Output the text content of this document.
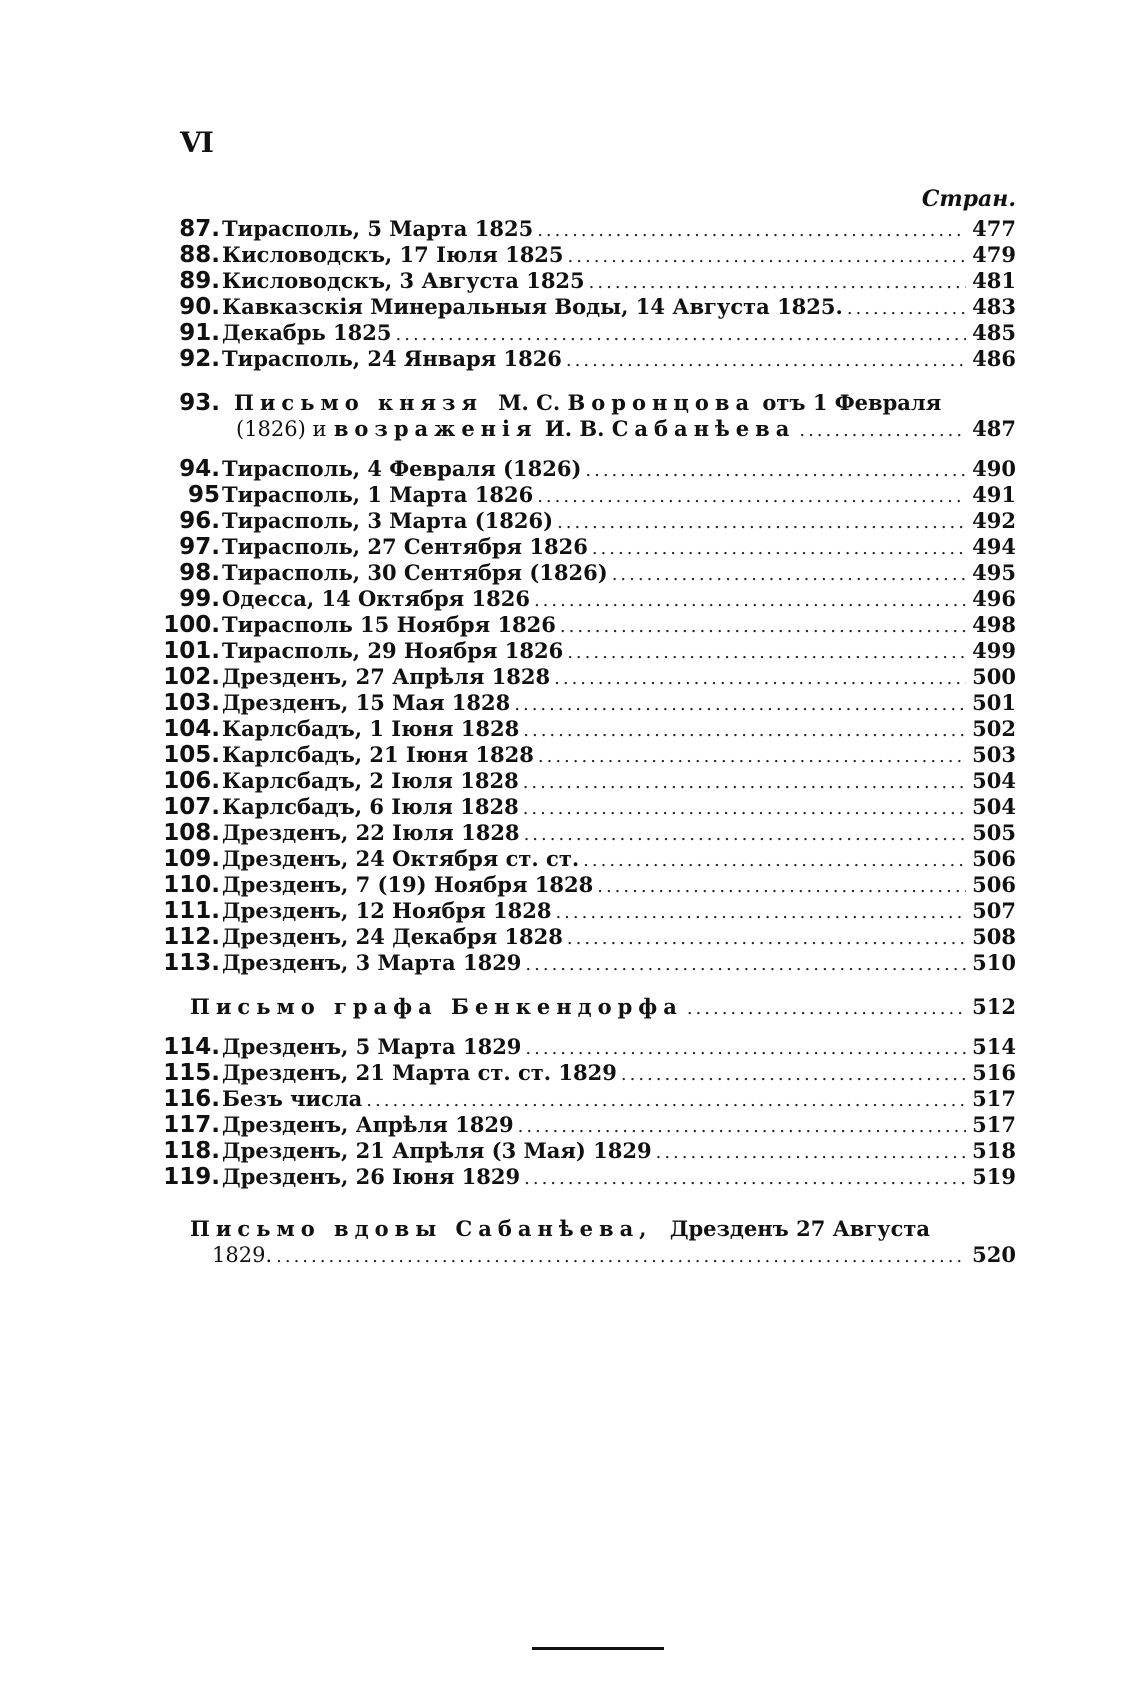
VI
Стран.
87. Тирасполь, 5 Марта 1825 .....	477
88. Кисловодскъ, 17 Іюля 1825 .....	479
89. Кисловодскъ, 3 Августа 1825 .....	481
90. Кавказскія Минеральныя Воды, 14 Августа 1825. .....	483
91. Декабрь 1825 .....	485
92. Тирасполь, 24 Января 1826 .....	486
93. Письмо князя М. С. Воронцова отъ 1 Февраля
(1826) и возраженія И. В. Сабанѣева .....	487
94. Тирасполь, 4 Февраля (1826) .....	490
95 Тирасполь, 1 Марта 1826 .....	491
96. Тирасполь, 3 Марта (1826) .....	492
97. Тирасполь, 27 Сентября 1826 .....	494
98. Тирасполь, 30 Сентября (1826) .....	495
99. Одесса, 14 Октября 1826 .....	496
100. Тирасполь 15 Ноября 1826 .....	498
101. Тирасполь, 29 Ноября 1826 .....	499
102. Дрезденъ, 27 Апрѣля 1828 .....	500
103. Дрезденъ, 15 Мая 1828 .....	501
104. Карлсбадъ, 1 Іюня 1828 .....	502
105. Карлсбадъ, 21 Іюня 1828 .....	503
106. Карлсбадъ, 2 Іюля 1828 .....	504
107. Карлсбадъ, 6 Іюля 1828 .....	504
108. Дрезденъ, 22 Іюля 1828 .....	505
109. Дрезденъ, 24 Октября ст. ст. .....	506
110. Дрезденъ, 7 (19) Ноября 1828 .....	506
111. Дрезденъ, 12 Ноября 1828 .....	507
112. Дрезденъ, 24 Декабря 1828 .....	508
113. Дрезденъ, 3 Марта 1829 .....	510
Письмо графа Бенкендорфа .....	512
114. Дрезденъ, 5 Марта 1829 .....	514
115. Дрезденъ, 21 Марта ст. ст. 1829 .....	516
116. Безъ числа .....	517
117. Дрезденъ, Апрѣля 1829 .....	517
118. Дрезденъ, 21 Апрѣля (3 Мая) 1829 .....	518
119. Дрезденъ, 26 Іюня 1829 .....	519
Письмо вдовы Сабанѣева, Дрезденъ 27 Августа
1829. .....	520
